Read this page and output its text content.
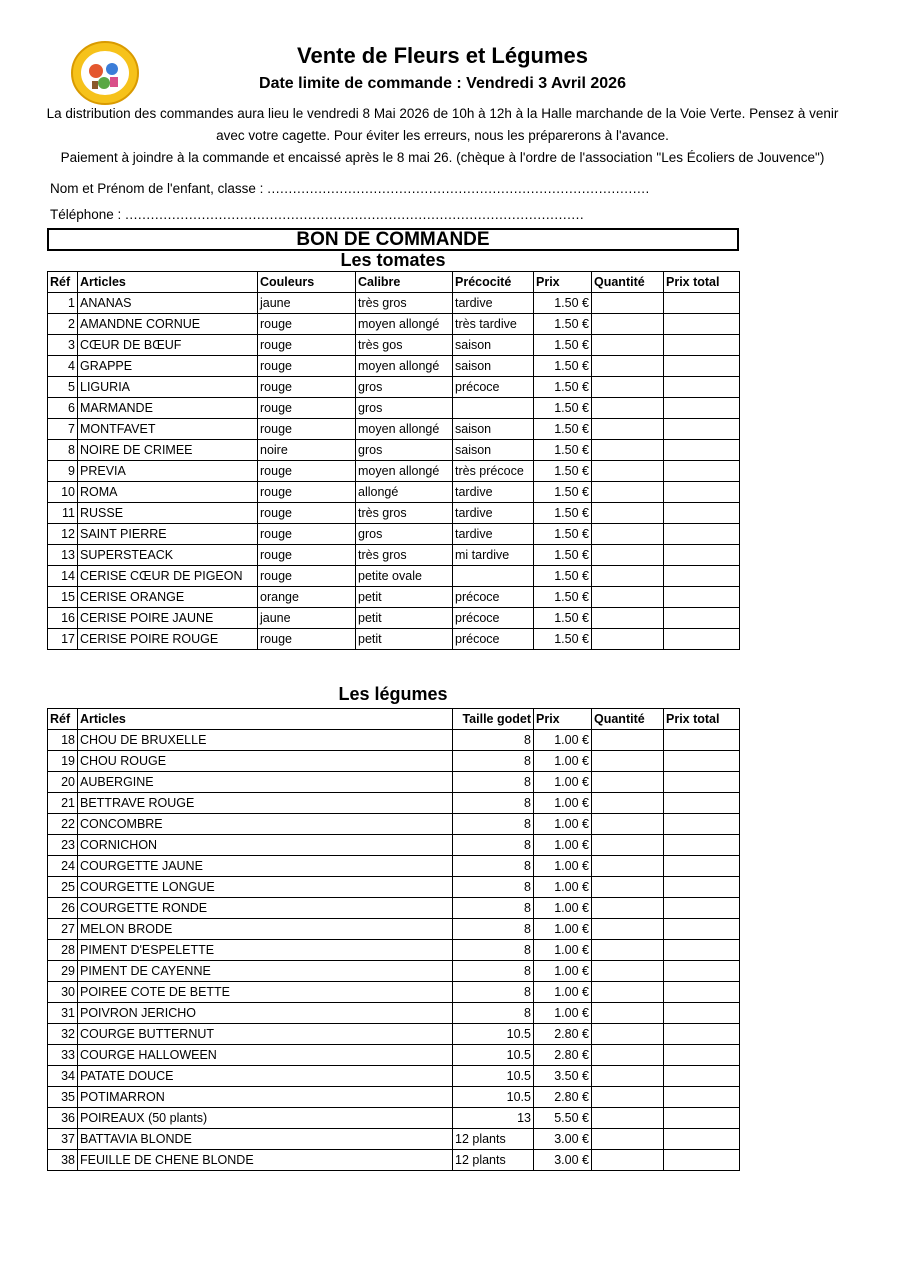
Vente de Fleurs et Légumes
Date limite de commande : Vendredi 3 Avril 2026
La distribution des commandes aura lieu le vendredi 8 Mai 2026 de 10h à 12h à la Halle marchande de la Voie Verte. Pensez à venir
avec votre cagette. Pour éviter les erreurs, nous les préparerons à l'avance.
Paiement à joindre à la commande et encaissé après le 8 mai 26. (chèque à l'ordre de l'association "Les Écoliers de Jouvence")
Nom et Prénom de l'enfant, classe : ..........................................................................................
Téléphone : ............................................................................................................
BON DE COMMANDE
Les tomates
Réf	Articles	Couleurs	Calibre	Précocité	Prix	Quantité	Prix total
1	ANANAS	jaune	très gros	tardive	1.50 €		
2	AMANDNE CORNUE	rouge	moyen allongé	très tardive	1.50 €		
3	CŒUR DE BŒUF	rouge	très gos	saison	1.50 €		
4	GRAPPE	rouge	moyen allongé	saison	1.50 €		
5	LIGURIA	rouge	gros	précoce	1.50 €		
6	MARMANDE	rouge	gros		1.50 €		
7	MONTFAVET	rouge	moyen allongé	saison	1.50 €		
8	NOIRE DE CRIMEE	noire	gros	saison	1.50 €		
9	PREVIA	rouge	moyen allongé	très précoce	1.50 €		
10	ROMA	rouge	allongé	tardive	1.50 €		
11	RUSSE	rouge	très gros	tardive	1.50 €		
12	SAINT PIERRE	rouge	gros	tardive	1.50 €		
13	SUPERSTEACK	rouge	très gros	mi tardive	1.50 €		
14	CERISE CŒUR DE PIGEON	rouge	petite ovale		1.50 €		
15	CERISE ORANGE	orange	petit	précoce	1.50 €		
16	CERISE POIRE JAUNE	jaune	petit	précoce	1.50 €		
17	CERISE POIRE ROUGE	rouge	petit	précoce	1.50 €		
Les légumes
Réf	Articles	Taille godet	Prix	Quantité	Prix total
18	CHOU DE BRUXELLE	8	1.00 €		
19	CHOU ROUGE	8	1.00 €		
20	AUBERGINE	8	1.00 €		
21	BETTRAVE ROUGE	8	1.00 €		
22	CONCOMBRE	8	1.00 €		
23	CORNICHON	8	1.00 €		
24	COURGETTE JAUNE	8	1.00 €		
25	COURGETTE LONGUE	8	1.00 €		
26	COURGETTE RONDE	8	1.00 €		
27	MELON BRODE	8	1.00 €		
28	PIMENT D'ESPELETTE	8	1.00 €		
29	PIMENT DE CAYENNE	8	1.00 €		
30	POIREE COTE DE BETTE	8	1.00 €		
31	POIVRON JERICHO	8	1.00 €		
32	COURGE BUTTERNUT	10.5	2.80 €		
33	COURGE HALLOWEEN	10.5	2.80 €		
34	PATATE DOUCE	10.5	3.50 €		
35	POTIMARRON	10.5	2.80 €		
36	POIREAUX (50 plants)	13	5.50 €		
37	BATTAVIA BLONDE	12 plants	3.00 €		
38	FEUILLE DE CHENE BLONDE	12 plants	3.00 €		
